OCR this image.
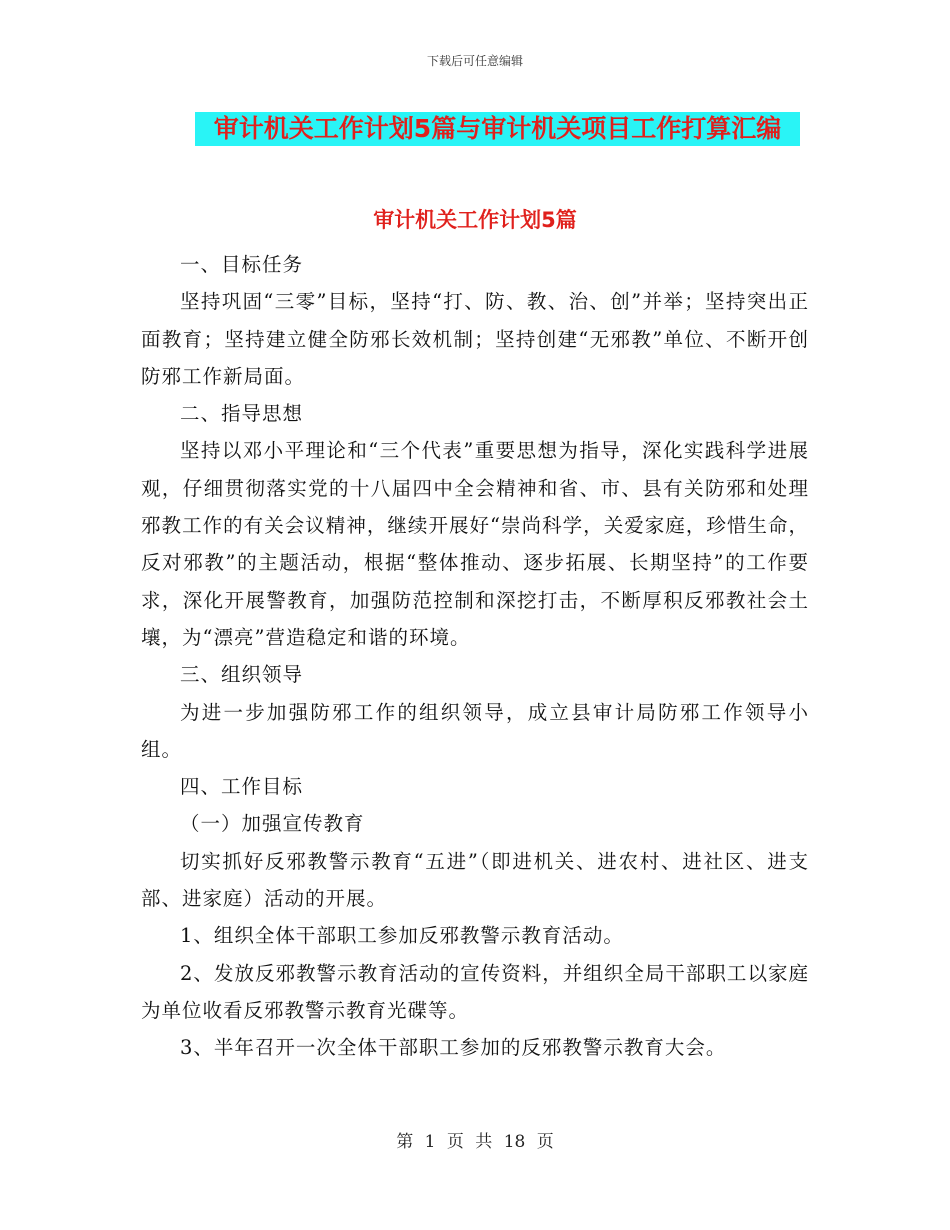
下载后可任意编辑
审计机关工作计划5篇与审计机关项目工作打算汇编
审计机关工作计划5篇

一、目标任务

坚持巩固“三零”目标，坚持“打、防、教、治、创”并举；坚持突出正面教育；坚持建立健全防邪长效机制；坚持创建“无邪教”单位、不断开创防邪工作新局面。

二、指导思想

坚持以邓小平理论和“三个代表”重要思想为指导，深化实践科学进展观，仔细贯彻落实党的十八届四中全会精神和省、市、县有关防邪和处理邪教工作的有关会议精神，继续开展好“崇尚科学，关爱家庭，珍惜生命，反对邪教”的主题活动，根据“整体推动、逐步拓展、长期坚持”的工作要求，深化开展警教育，加强防范控制和深挖打击，不断厚积反邪教社会土壤，为“漂亮”营造稳定和谐的环境。

三、组织领导

为进一步加强防邪工作的组织领导，成立县审计局防邪工作领导小组。

四、工作目标

（一）加强宣传教育

切实抓好反邪教警示教育“五进”（即进机关、进农村、进社区、进支部、进家庭）活动的开展。

1、组织全体干部职工参加反邪教警示教育活动。

2、发放反邪教警示教育活动的宣传资料，并组织全局干部职工以家庭为单位收看反邪教警示教育光碟等。

3、半年召开一次全体干部职工参加的反邪教警示教育大会。

第 1 页 共 18 页
